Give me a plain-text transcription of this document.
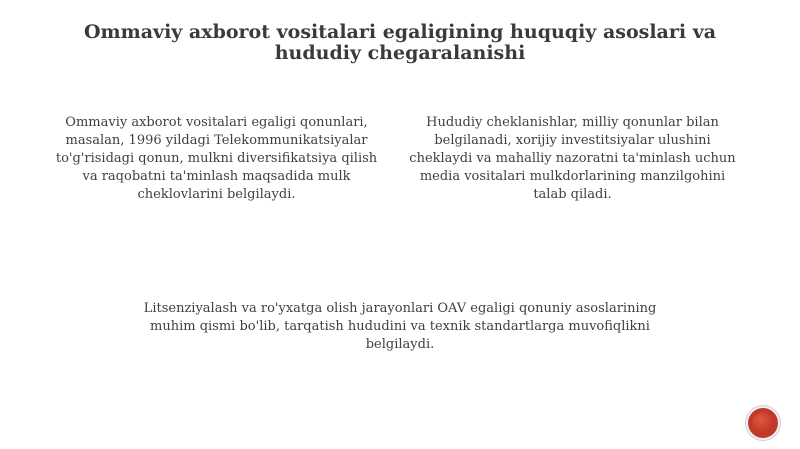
Ommaviy axborot vositalari egaligining huquqiy asoslari va hududiy chegaralanishi
Ommaviy axborot vositalari egaligi qonunlari, masalan, 1996 yildagi Telekommunikatsiyalar to'g'risidagi qonun, mulkni diversifikatsiya qilish va raqobatni ta'minlash maqsadida mulk cheklovlarini belgilaydi.
Hududiy cheklanishlar, milliy qonunlar bilan belgilanadi, xorijiy investitsiyalar ulushini cheklaydi va mahalliy nazoratni ta'minlash uchun media vositalari mulkdorlarining manzilgohini talab qiladi.
Litsenziyalash va ro'yxatga olish jarayonlari OAV egaligi qonuniy asoslarining muhim qismi bo'lib, tarqatish hududini va texnik standartlarga muvofiqlikni belgilaydi.
